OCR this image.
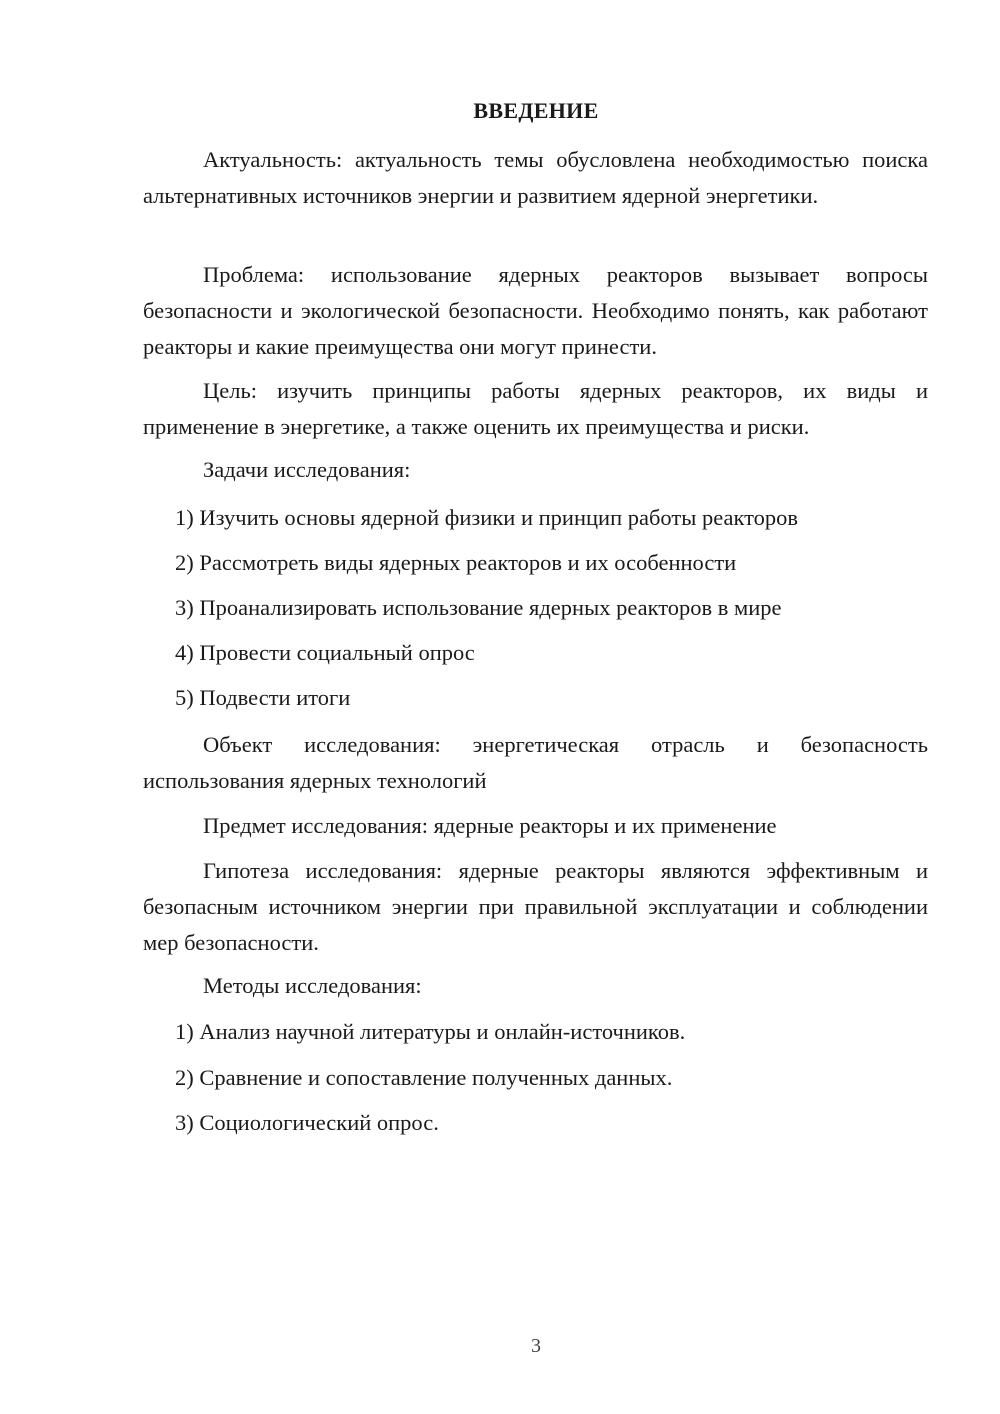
ВВЕДЕНИЕ
Актуальность: актуальность темы обусловлена необходимостью поиска альтернативных источников энергии и развитием ядерной энергетики.
Проблема: использование ядерных реакторов вызывает вопросы безопасности и экологической безопасности. Необходимо понять, как работают реакторы и какие преимущества они могут принести.
Цель: изучить принципы работы ядерных реакторов, их виды и применение в энергетике, а также оценить их преимущества и риски.
Задачи исследования:
1) Изучить основы ядерной физики и принцип работы реакторов
2) Рассмотреть виды ядерных реакторов и их особенности
3) Проанализировать использование ядерных реакторов в мире
4) Провести социальный опрос
5) Подвести итоги
Объект исследования: энергетическая отрасль и безопасность использования ядерных технологий
Предмет исследования: ядерные реакторы и их применение
Гипотеза исследования: ядерные реакторы являются эффективным и безопасным источником энергии при правильной эксплуатации и соблюдении мер безопасности.
Методы исследования:
1) Анализ научной литературы и онлайн-источников.
2) Сравнение и сопоставление полученных данных.
3) Социологический опрос.
3
